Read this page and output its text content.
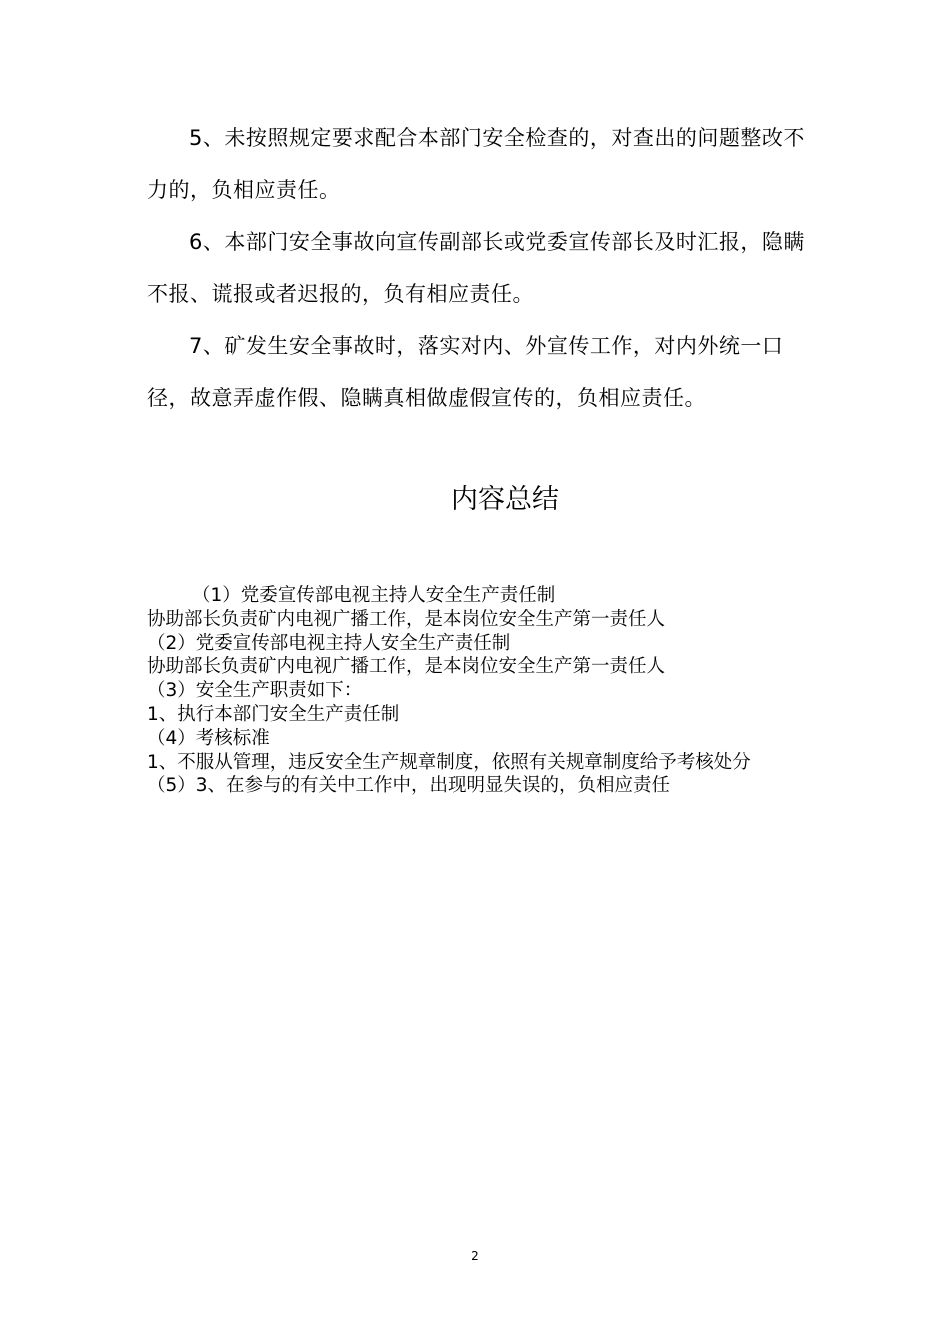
5、未按照规定要求配合本部门安全检查的，对查出的问题整改不力的，负相应责任。

6、本部门安全事故向宣传副部长或党委宣传部长及时汇报，隐瞒不报、谎报或者迟报的，负有相应责任。

7、矿发生安全事故时，落实对内、外宣传工作，对内外统一口径，故意弄虚作假、隐瞒真相做虚假宣传的，负相应责任。

内容总结
（1）党委宣传部电视主持人安全生产责任制
协助部长负责矿内电视广播工作，是本岗位安全生产第一责任人
（2）党委宣传部电视主持人安全生产责任制
协助部长负责矿内电视广播工作，是本岗位安全生产第一责任人
（3）安全生产职责如下：
1、执行本部门安全生产责任制
（4）考核标准
1、不服从管理，违反安全生产规章制度，依照有关规章制度给予考核处分
（5）3、在参与的有关中工作中，出现明显失误的，负相应责任
2
